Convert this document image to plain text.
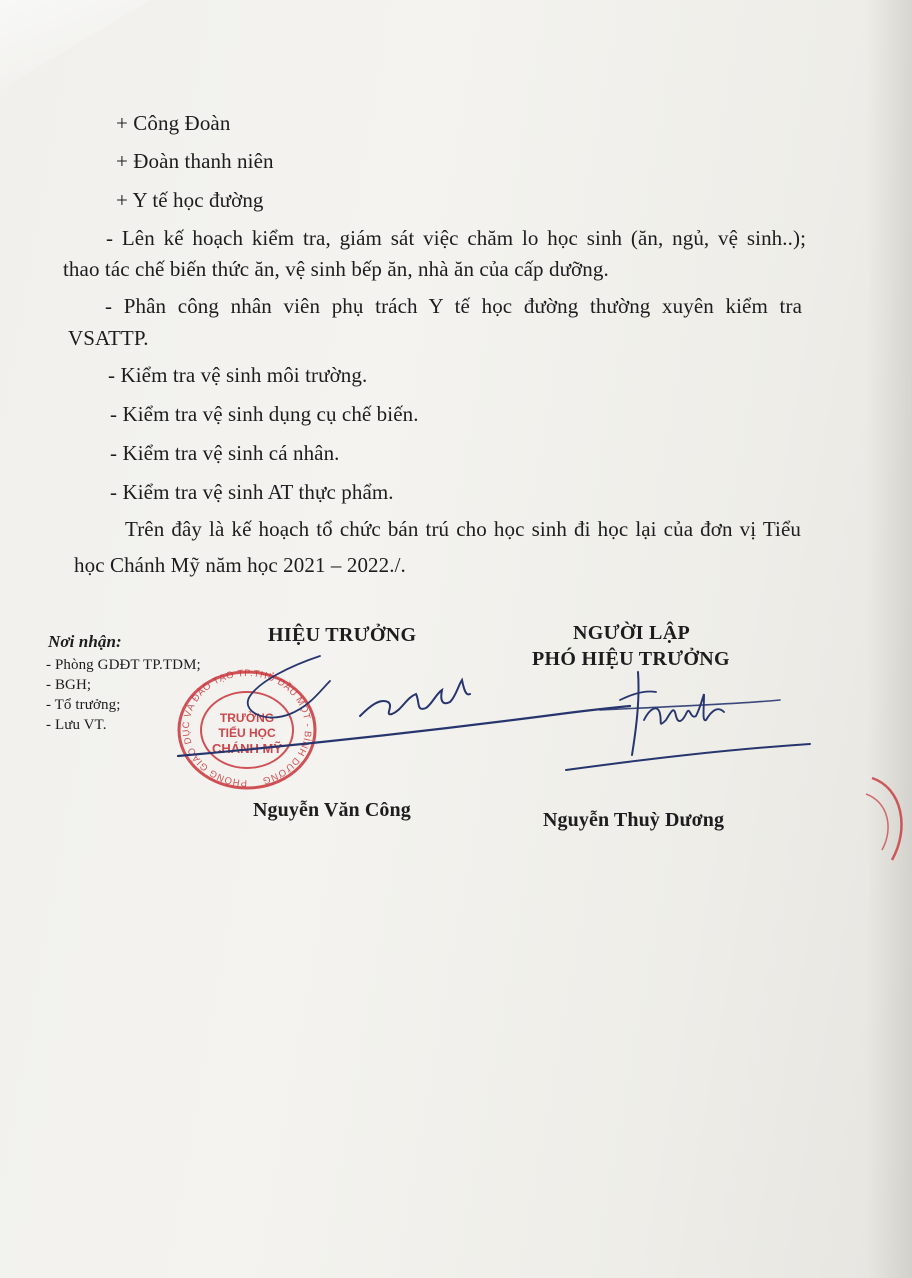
+ Công Đoàn
+ Đoàn thanh niên
+ Y tế học đường
- Lên kế hoạch kiểm tra, giám sát việc chăm lo học sinh (ăn, ngủ, vệ sinh..);
thao tác chế biến thức ăn, vệ sinh bếp ăn, nhà ăn của cấp dưỡng.
- Phân công nhân viên phụ trách Y tế học đường thường xuyên kiểm tra
VSATTP.
- Kiểm tra vệ sinh môi trường.
- Kiểm tra vệ sinh dụng cụ chế biến.
- Kiểm tra vệ sinh cá nhân.
- Kiểm tra vệ sinh AT thực phẩm.
Trên đây là kế hoạch tổ chức bán trú cho học sinh đi học lại của đơn vị Tiểu
học Chánh Mỹ năm học 2021 – 2022./.
Nơi nhận:
- Phòng GDĐT TP.TDM;
- BGH;
- Tổ trưởng;
- Lưu VT.
HIỆU TRƯỞNG
PHÒNG GIÁO DỤC VÀ ĐÀO TẠO TP.THỦ DẦU MỘT - BÌNH DƯƠNG
TRƯỜNG
TIỂU HỌC
CHÁNH MỸ
Nguyễn Văn Công
NGƯỜI LẬP
PHÓ HIỆU TRƯỞNG
Nguyễn Thuỳ Dương
